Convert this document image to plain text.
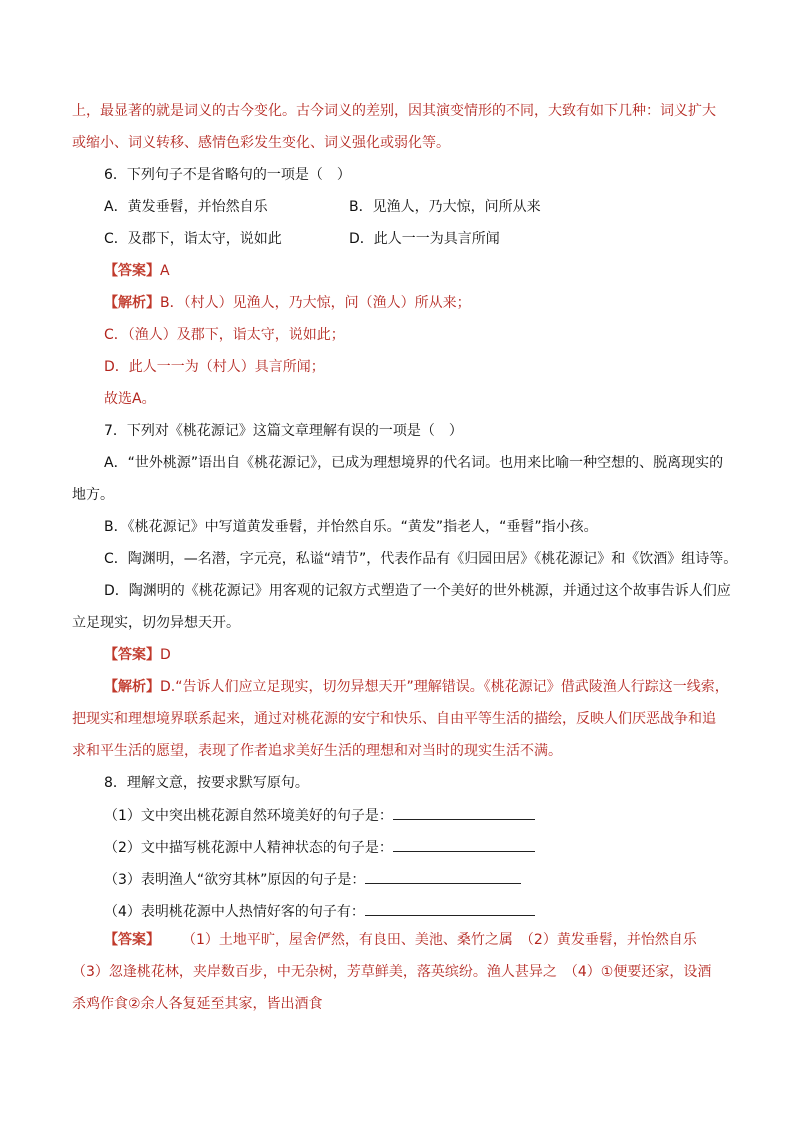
上，最显著的就是词义的古今变化。古今词义的差别，因其演变情形的不同，大致有如下几种：词义扩大
或缩小、词义转移、感情色彩发生变化、词义强化或弱化等。
6．下列句子不是省略句的一项是（　）
A．黄发垂髫，并怡然自乐	B．见渔人，乃大惊，问所从来
C．及郡下，诣太守，说如此	D．此人一一为具言所闻
【答案】A
【解析】B．（村人）见渔人，乃大惊，问（渔人）所从来；
C．（渔人）及郡下，诣太守，说如此；
D．此人一一为（村人）具言所闻；
故选A。
7．下列对《桃花源记》这篇文章理解有误的一项是（　）
A．“世外桃源”语出自《桃花源记》，已成为理想境界的代名词。也用来比喻一种空想的、脱离现实的
地方。
B．《桃花源记》中写道黄发垂髫，并怡然自乐。“黄发”指老人，“垂髫”指小孩。
C．陶渊明，—名潜，字元亮，私谥“靖节”，代表作品有《归园田居》《桃花源记》和《饮酒》组诗等。
D．陶渊明的《桃花源记》用客观的记叙方式塑造了一个美好的世外桃源，并通过这个故事告诉人们应
立足现实，切勿异想天开。
【答案】D
【解析】D.“告诉人们应立足现实，切勿异想天开”理解错误。《桃花源记》借武陵渔人行踪这一线索，
把现实和理想境界联系起来，通过对桃花源的安宁和快乐、自由平等生活的描绘，反映人们厌恶战争和追
求和平生活的愿望，表现了作者追求美好生活的理想和对当时的现实生活不满。
8．理解文意，按要求默写原句。
（1）文中突出桃花源自然环境美好的句子是：
（2）文中描写桃花源中人精神状态的句子是：
（3）表明渔人“欲穷其林”原因的句子是：
（4）表明桃花源中人热情好客的句子有：
【答案】 （1）土地平旷，屋舍俨然，有良田、美池、桑竹之属　（2）黄发垂髫，并怡然自乐
（3）忽逢桃花林，夹岸数百步，中无杂树，芳草鲜美，落英缤纷。渔人甚异之　（4）①便要还家，设酒
杀鸡作食②余人各复延至其家，皆出酒食
